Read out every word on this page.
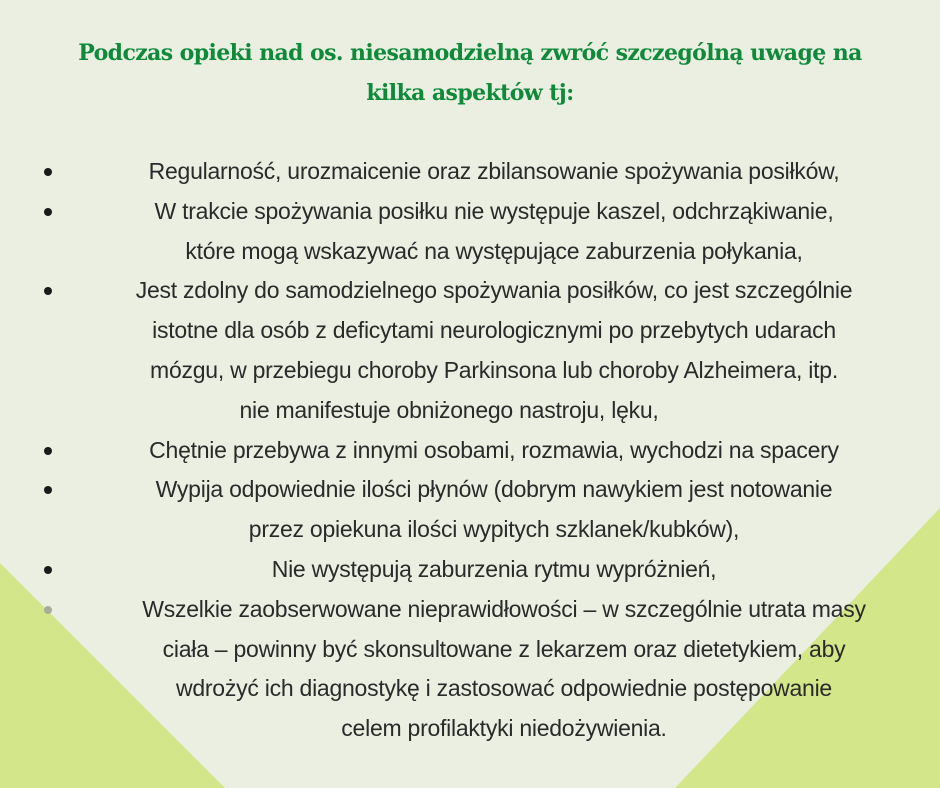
Podczas opieki nad os. niesamodzielną zwróć szczególną uwagę na
kilka aspektów tj:
Regularność, urozmaicenie oraz zbilansowanie spożywania posiłków,
W trakcie spożywania posiłku nie występuje kaszel, odchrząkiwanie,
które mogą wskazywać na występujące zaburzenia połykania,
Jest zdolny do samodzielnego spożywania posiłków, co jest szczególnie
istotne dla osób z deficytami neurologicznymi po przebytych udarach
mózgu, w przebiegu choroby Parkinsona lub choroby Alzheimera, itp.
nie manifestuje obniżonego nastroju, lęku,
Chętnie przebywa z innymi osobami, rozmawia, wychodzi na spacery
Wypija odpowiednie ilości płynów (dobrym nawykiem jest notowanie
przez opiekuna ilości wypitych szklanek/kubków),
Nie występują zaburzenia rytmu wypróżnień,
Wszelkie zaobserwowane nieprawidłowości – w szczególnie utrata masy
ciała – powinny być skonsultowane z lekarzem oraz dietetykiem, aby
wdrożyć ich diagnostykę i zastosować odpowiednie postępowanie
celem profilaktyki niedożywienia.
